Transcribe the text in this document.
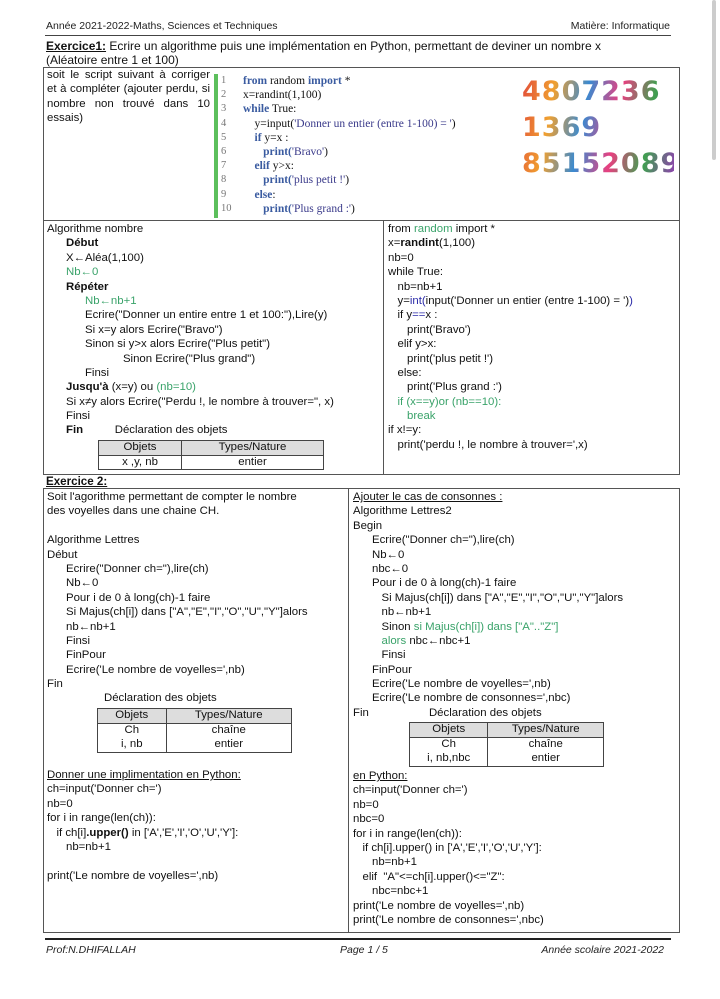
Année 2021-2022-Maths, Sciences et Techniques	Matière: Informatique
Exercice1: Ecrire un algorithme puis une implémentation en Python, permettant de deviner un nombre x
(Aléatoire entre 1 et 100)
soit le script suivant à corriger et à compléter (ajouter perdu, si nombre non trouvé dans 10 essais)
1	from random import *
2	x=randint(1,100)
3	while True:
4	y=input( 'Donner un entier (entre 1-100) = ' )
5
	if y=x :
6
	print( 'Bravo' )
7
	elif y>x:
8
	print( 'plus petit !' )
9
	else :
10
	print( 'Plus grand :' )
4807236 1369 85152089
Algorithme nombre
Début
X←Aléa(1,100)
Nb←0
Répéter
Nb←nb+1
Ecrire("Donner un entire entre 1 et 100:"),Lire(y)
Si x=y alors Ecrire("Bravo")
Sinon si y>x alors Ecrire("Plus petit")
Sinon Ecrire("Plus grand")
Finsi
Jusqu'à (x=y) ou (nb=10)
Si x≠y alors Ecrire("Perdu !, le nombre à trouver=", x)
Finsi
Fin          Déclaration des objets
Objets	Types/Nature
x ,y, nb	entier
from random import *
x=randint(1,100)
nb=0
while True:
nb=nb+1
y=int(input('Donner un entier (entre 1-100) = '))
if y==x :
print('Bravo')
elif y>x:
print('plus petit !')
else:
print('Plus grand :')
if (x==y)or (nb==10):
break
if x!=y:
print('perdu !, le nombre à trouver=',x)
Exercice 2:
Soit l'agorithme permettant de compter le nombre
des voyelles dans une chaine CH.
Algorithme Lettres
Début
Ecrire("Donner ch="),lire(ch)
Nb←0
Pour i de 0 à long(ch)-1 faire
Si Majus(ch[i]) dans ["A","E","I","O","U","Y"]alors
nb←nb+1
Finsi
FinPour
Ecrire('Le nombre de voyelles=',nb)
Fin
Déclaration des objets
Objets	Types/Nature
Ch	chaîne
i, nb	entier
Donner une implimentation en Python:
ch=input('Donner ch=')
nb=0
for i in range(len(ch)):
if ch[i].upper() in ['A','E','I','O','U','Y']:
nb=nb+1
print('Le nombre de voyelles=',nb)
Ajouter le cas de consonnes :
Algorithme Lettres2
Begin
Ecrire("Donner ch="),lire(ch)
Nb←0
nbc←0
Pour i de 0 à long(ch)-1 faire
Si Majus(ch[i]) dans ["A","E","I","O","U","Y"]alors
nb←nb+1
Sinon si Majus(ch[i]) dans ["A".."Z"]
alors nbc←nbc+1
Finsi
FinPour
Ecrire('Le nombre de voyelles=',nb)
Ecrire('Le nombre de consonnes=',nbc)
Fin                   Déclaration des objets
Objets	Types/Nature
Ch	chaîne
i, nb,nbc	entier
en Python:
ch=input('Donner ch=')
nb=0
nbc=0
for i in range(len(ch)):
if ch[i].upper() in ['A','E','I','O','U','Y']:
nb=nb+1
elif  "A"<=ch[i].upper()<="Z":
nbc=nbc+1
print('Le nombre de voyelles=',nb)
print('Le nombre de consonnes=',nbc)
Prof:N.DHIFALLAH	Page 1 / 5	Année scolaire 2021-2022
